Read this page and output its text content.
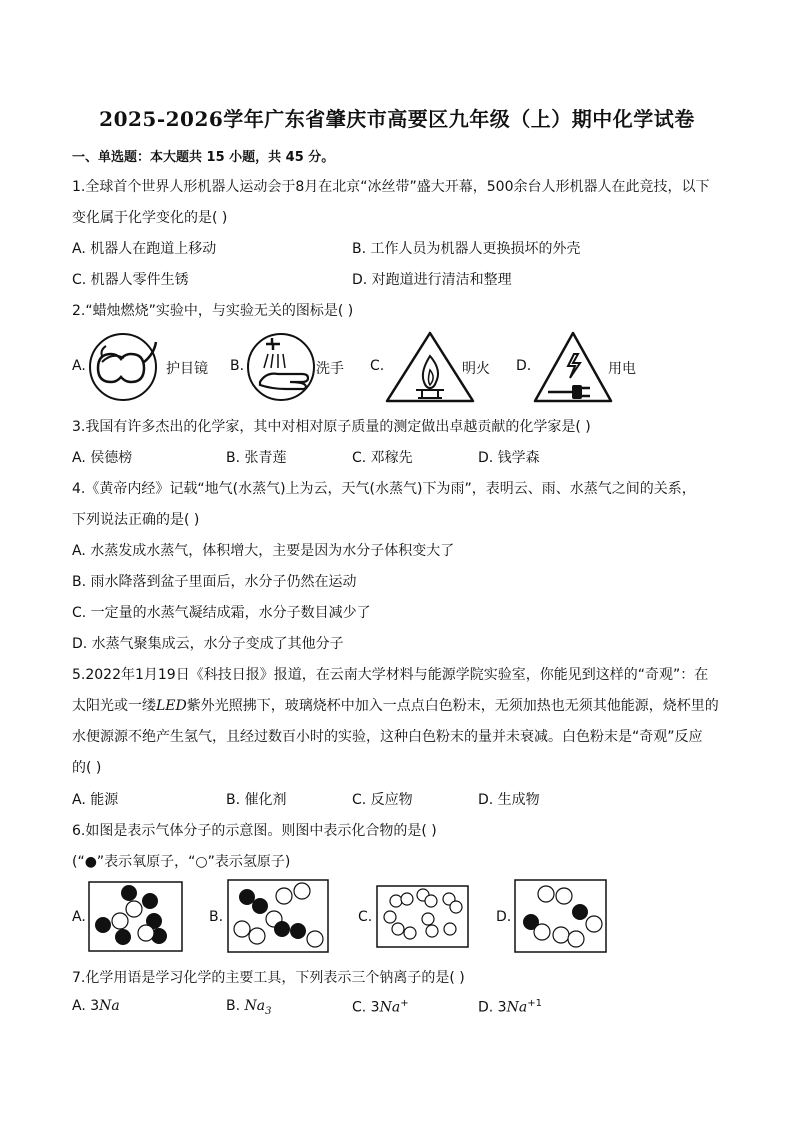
2025-2026学年广东省肇庆市高要区九年级（上）期中化学试卷
一、单选题：本大题共 15 小题，共 45 分。
1.全球首个世界人形机器人运动会于8月在北京“冰丝带”盛大开幕，500余台人形机器人在此竞技，以下
变化属于化学变化的是( )
A. 机器人在跑道上移动	B. 工作人员为机器人更换损坏的外壳
C. 机器人零件生锈	D. 对跑道进行清洁和整理
2.“蜡烛燃烧”实验中，与实验无关的图标是( )
A.	护目镜 B.	洗手 C.	明火 D.	用电
3.我国有许多杰出的化学家，其中对相对原子质量的测定做出卓越贡献的化学家是( )
A. 侯德榜	B. 张青莲	C. 邓稼先	D. 钱学森
4.《黄帝内经》记载“地气(水蒸气)上为云，天气(水蒸气)下为雨”，表明云、雨、水蒸气之间的关系，
下列说法正确的是( )
A. 水蒸发成水蒸气，体积增大，主要是因为水分子体积变大了
B. 雨水降落到盆子里面后，水分子仍然在运动
C. 一定量的水蒸气凝结成霜，水分子数目减少了
D. 水蒸气聚集成云，水分子变成了其他分子
5.2022年1月19日《科技日报》报道，在云南大学材料与能源学院实验室，你能见到这样的“奇观”：在
太阳光或一缕LED紫外光照拂下，玻璃烧杯中加入一点点白色粉末，无须加热也无须其他能源，烧杯里的
水便源源不绝产生氢气，且经过数百小时的实验，这种白色粉末的量并未衰减。白色粉末是“奇观”反应
的( )
A. 能源	B. 催化剂	C. 反应物	D. 生成物
6.如图是表示气体分子的示意图。则图中表示化合物的是( )
(“●”表示氧原子，“○”表示氢原子)
A.	B.	C.	D.
7.化学用语是学习化学的主要工具，下列表示三个钠离子的是( )
A. 3Na	B. $Na_3$	C. 3Na+	D. $3Na^{+1}$
